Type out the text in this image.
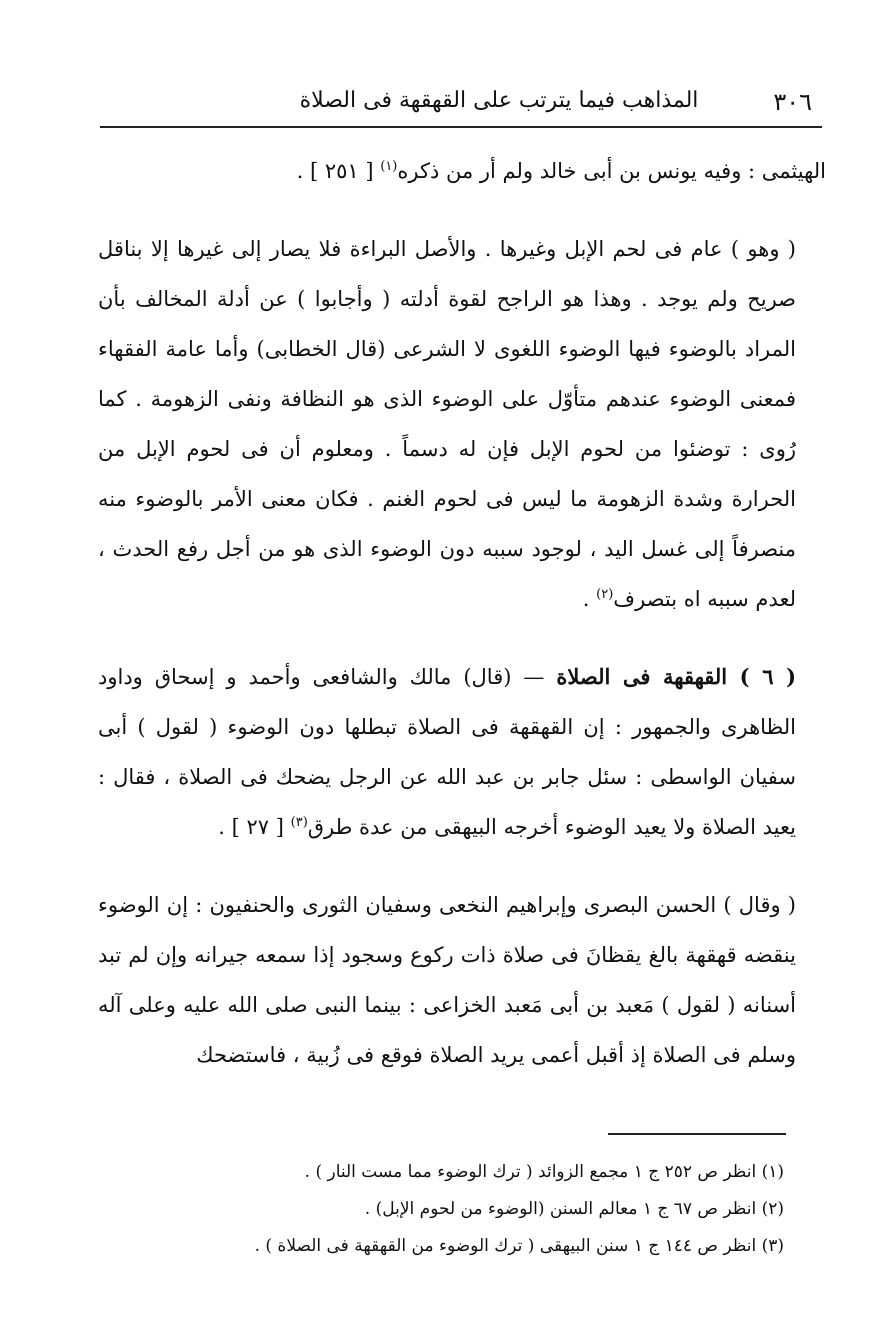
٣٠٦
المذاهب فيما يترتب على القهقهة فى الصلاة

الهيثمى : وفيه يونس بن أبى خالد ولم أر من ذكره$^{(١)}$ [ ٢٥١ ] .

( وهو ) عام فى لحم الإبل وغيرها . والأصل البراءة فلا يصار إلى غيرها إلا بناقل صريح ولم يوجد . وهذا هو الراجح لقوة أدلته ( وأجابوا ) عن أدلة المخالف بأن المراد بالوضوء فيها الوضوء اللغوى لا الشرعى (قال الخطابى) وأما عامة الفقهاء فمعنى الوضوء عندهم متأوّل على الوضوء الذى هو النظافة ونفى الزهومة . كما رُوى : توضئوا من لحوم الإبل فإن له دسماً . ومعلوم أن فى لحوم الإبل من الحرارة وشدة الزهومة ما ليس فى لحوم الغنم . فكان معنى الأمر بالوضوء منه منصرفاً إلى غسل اليد ، لوجود سببه دون الوضوء الذى هو من أجل رفع الحدث ، لعدم سببه اه بتصرف$^{(٢)}$ .

( ٦ ) القهقهة فى الصلاة — (قال) مالك والشافعى وأحمد و إسحاق وداود الظاهرى والجمهور : إن القهقهة فى الصلاة تبطلها دون الوضوء ( لقول ) أبى سفيان الواسطى : سئل جابر بن عبد الله عن الرجل يضحك فى الصلاة ، فقال : يعيد الصلاة ولا يعيد الوضوء أخرجه البيهقى من عدة طرق$^{(٣)}$ [ ٢٧ ] .

( وقال ) الحسن البصرى وإبراهيم النخعى وسفيان الثورى والحنفيون : إن الوضوء ينقضه قهقهة بالغ يقظانَ فى صلاة ذات ركوع وسجود إذا سمعه جيرانه وإن لم تبد أسنانه ( لقول ) مَعبد بن أبى مَعبد الخزاعى : بينما النبى صلى الله عليه وعلى آله وسلم فى الصلاة إذ أقبل أعمى يريد الصلاة فوقع فى زُبية ، فاستضحك

(١) انظر ص ٢٥٢ ج ١ مجمع الزوائد ( ترك الوضوء مما مست النار ) .
(٢) انظر ص ٦٧ ج ١ معالم السنن (الوضوء من لحوم الإبل) .
(٣) انظر ص ١٤٤ ج ١ سنن البيهقى ( ترك الوضوء من القهقهة فى الصلاة ) .
